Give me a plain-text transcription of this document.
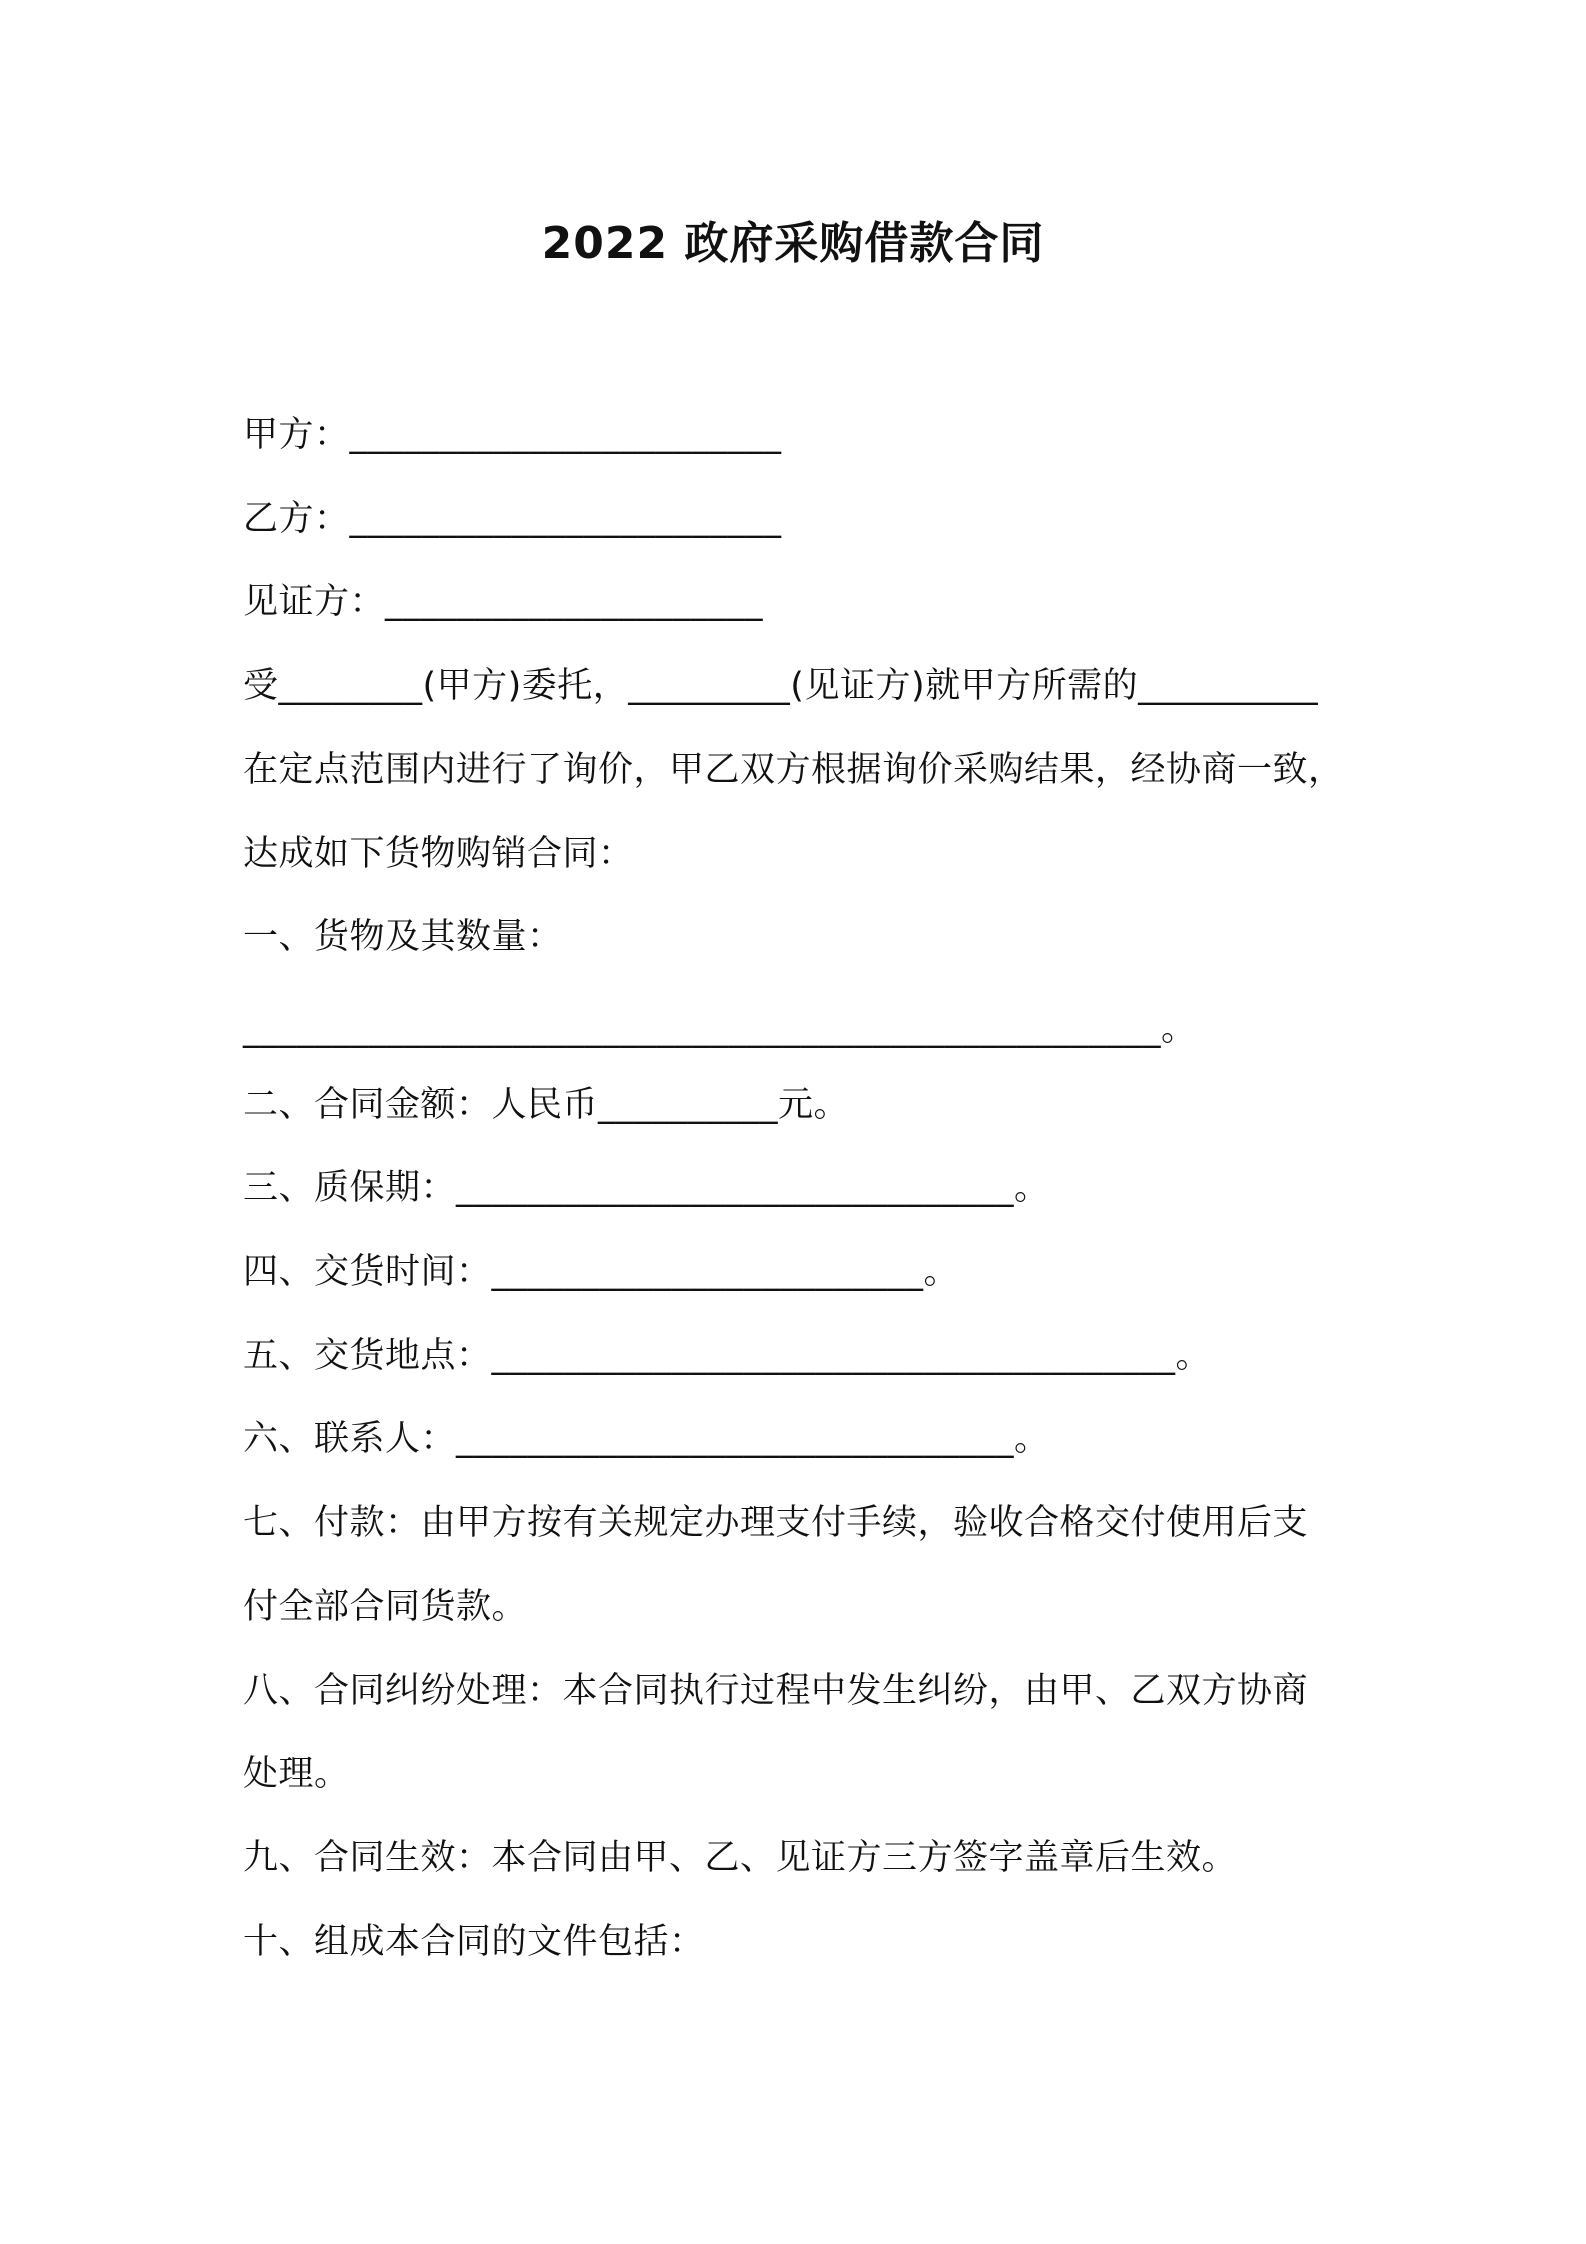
2022 政府采购借款合同
甲方：________________________
乙方：________________________
见证方：_____________________
受________(甲方)委托，_________(见证方)就甲方所需的__________
在定点范围内进行了询价，甲乙双方根据询价采购结果，经协商一致，
达成如下货物购销合同：
一、货物及其数量：
___________________________________________________。
二、合同金额：人民币__________元。
三、质保期：_______________________________。
四、交货时间：________________________。
五、交货地点：______________________________________。
六、联系人：_______________________________。
七、付款：由甲方按有关规定办理支付手续，验收合格交付使用后支
付全部合同货款。
八、合同纠纷处理：本合同执行过程中发生纠纷，由甲、乙双方协商
处理。
九、合同生效：本合同由甲、乙、见证方三方签字盖章后生效。
十、组成本合同的文件包括：
